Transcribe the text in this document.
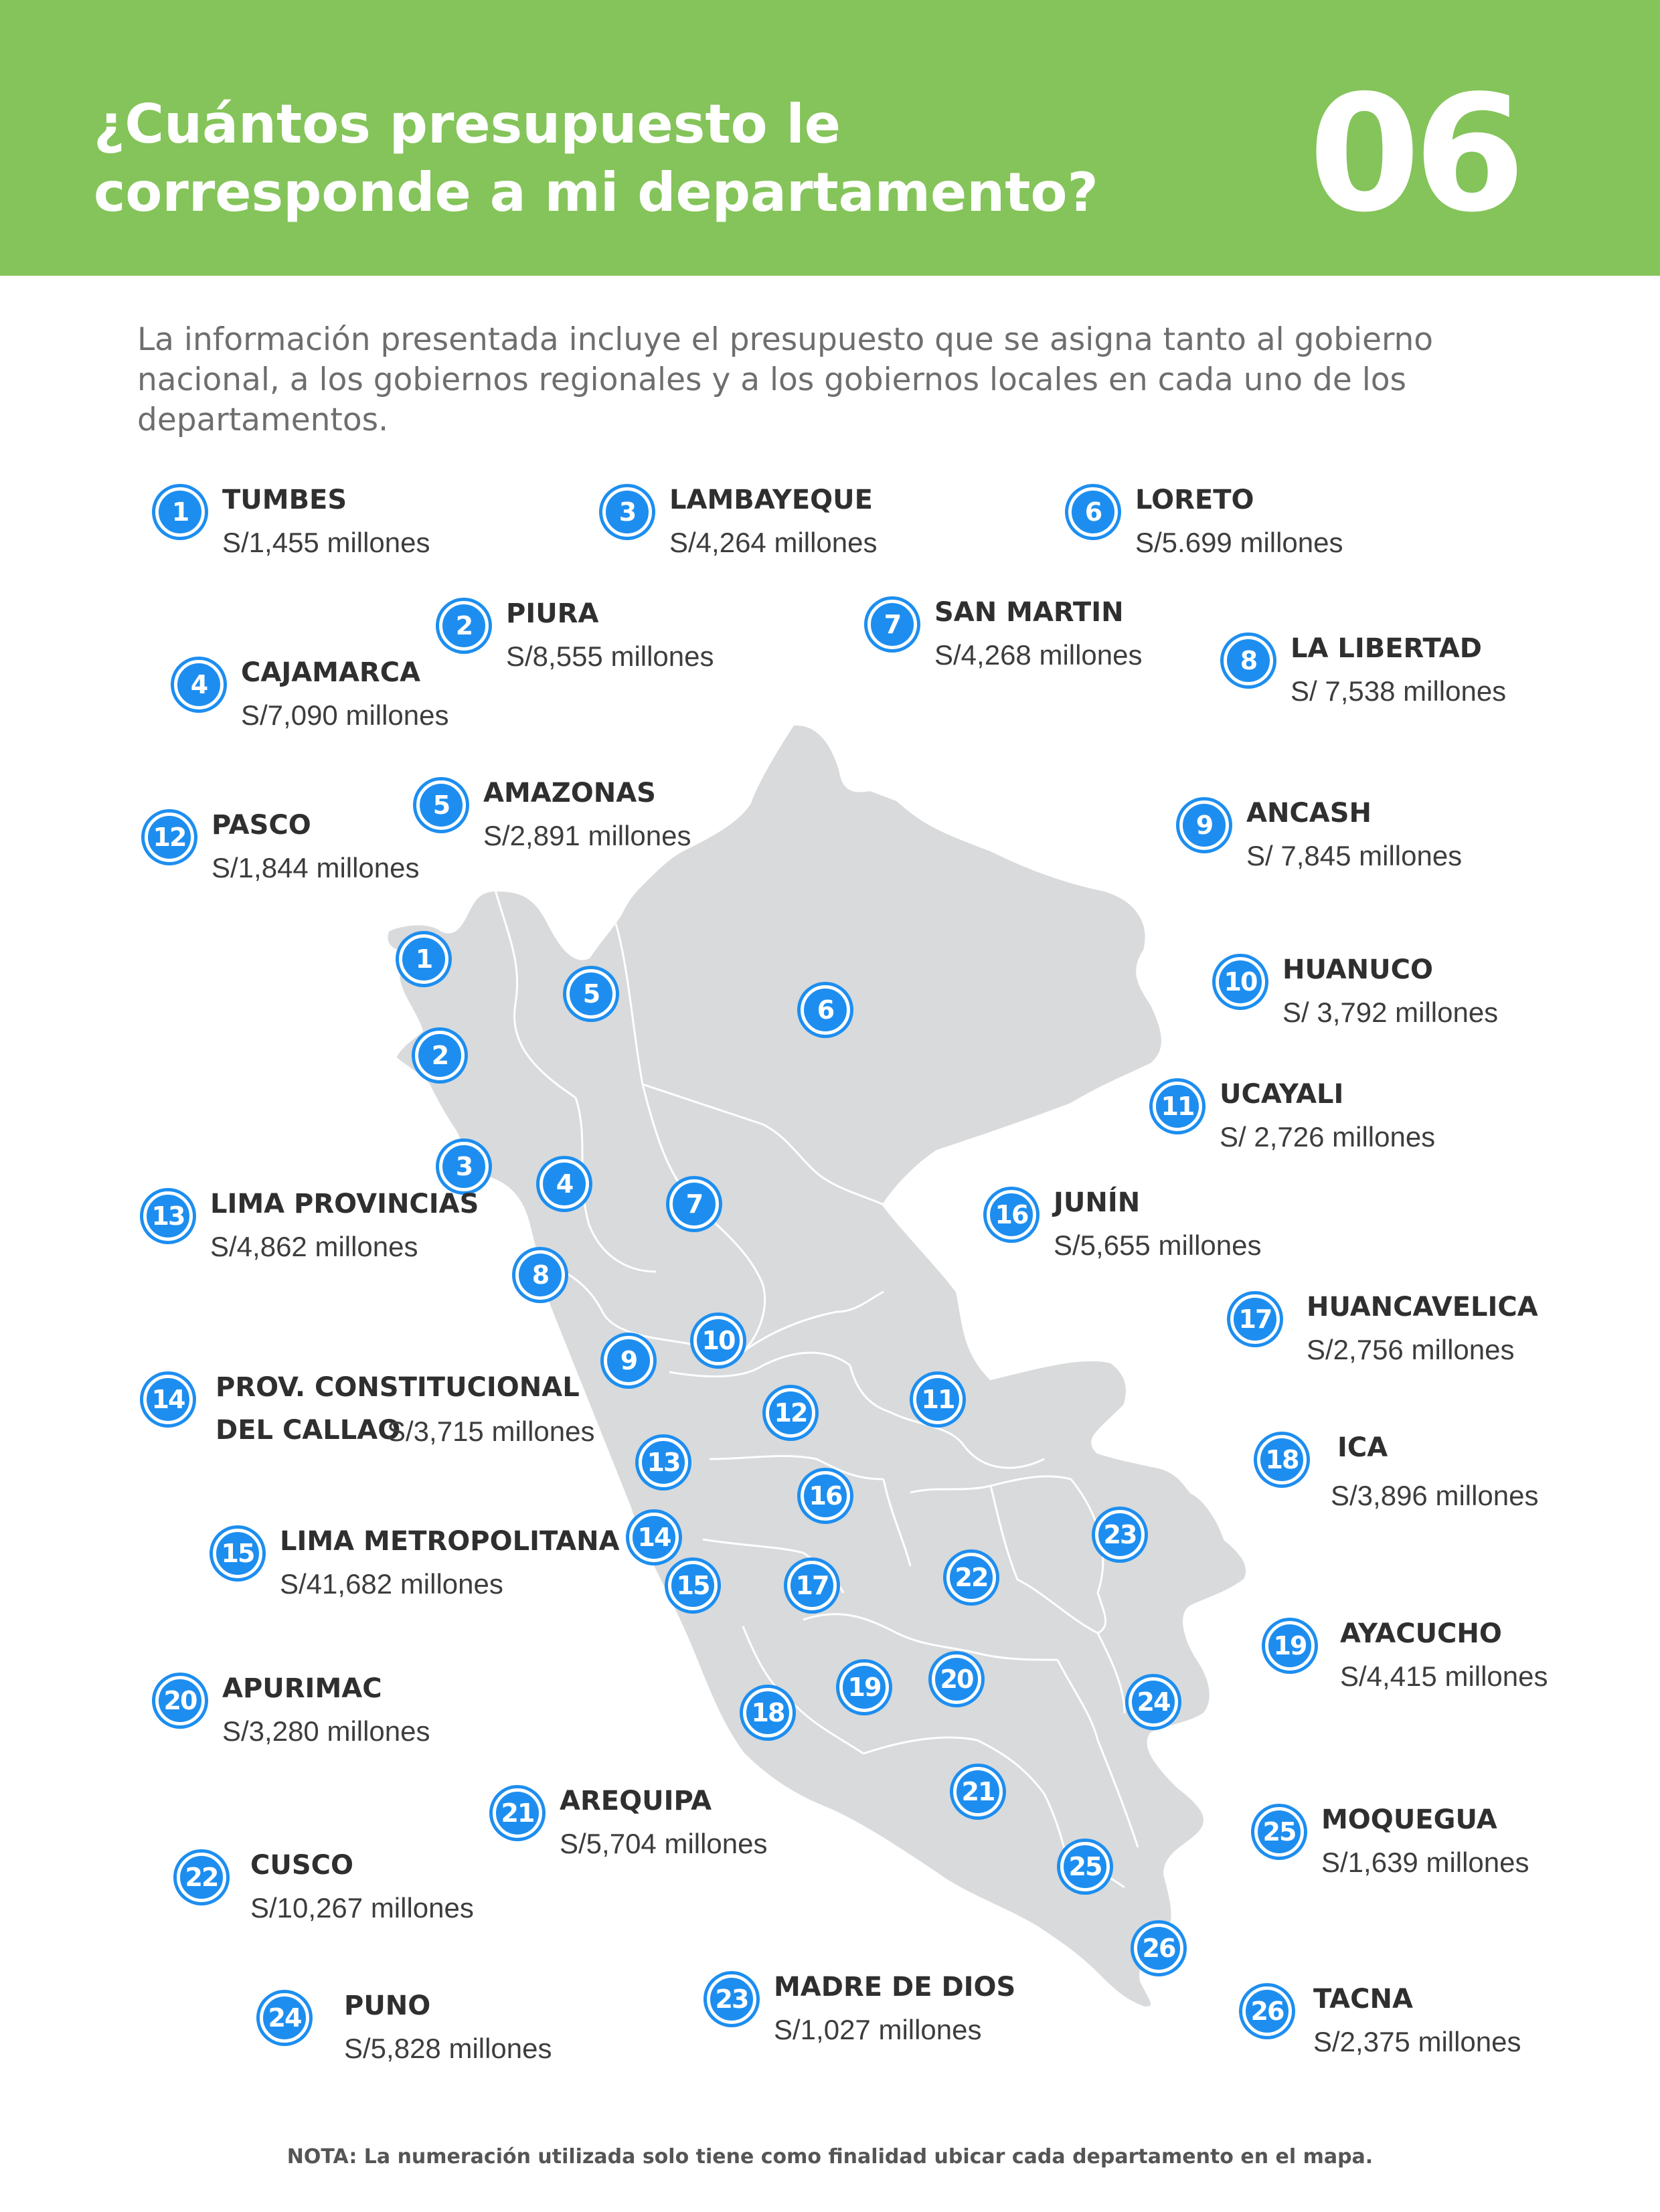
¿Cuántos presupuesto le
corresponde a mi departamento?	06
La información presentada incluye el presupuesto que se asigna tanto al gobierno nacional, a los gobiernos regionales y a los gobiernos locales en cada uno de los departamentos.
1
2
3
4
5
6
7
8
9
10
11
12
13
14
15
16
17
18
19	20
21
22
23
24
25
26
1	TUMBES
S/1,455 millones
2	PIURA
S/8,555 millones
3	LAMBAYEQUE
S/4,264 millones
4	CAJAMARCA
S/7,090 millones
5	AMAZONAS
S/2,891 millones
6	LORETO
S/5.699 millones
7	SAN MARTIN
S/4,268 millones	8	LA LIBERTAD
S/ 7,538 millones
9	ANCASH
S/ 7,845 millones
10 HUANUCO
S/ 3,792 millones
11 UCAYALI
S/ 2,726 millones
12 PASCO
S/1,844 millones
13 LIMA PROVINCIAS
S/4,862 millones
14	PROV. CONSTITUCIONAL
DEL CALLAO
S/3,715 millones
15 LIMA METROPOLITANA
S/41,682 millones
16 JUNÍN
S/5,655 millones
17	HUANCAVELICA
S/2,756 millones
18	ICA
S/3,896 millones
19	AYACUCHO
S/4,415 millones
20 APURIMAC
S/3,280 millones
21 AREQUIPA
S/5,704 millones
22	CUSCO
S/10,267 millones
23 MADRE DE DIOS
S/1,027 millones
24	PUNO
S/5,828 millones
25 MOQUEGUA
S/1,639 millones
26	TACNA
S/2,375 millones
NOTA: La numeración utilizada solo tiene como finalidad ubicar cada departamento en el mapa.
